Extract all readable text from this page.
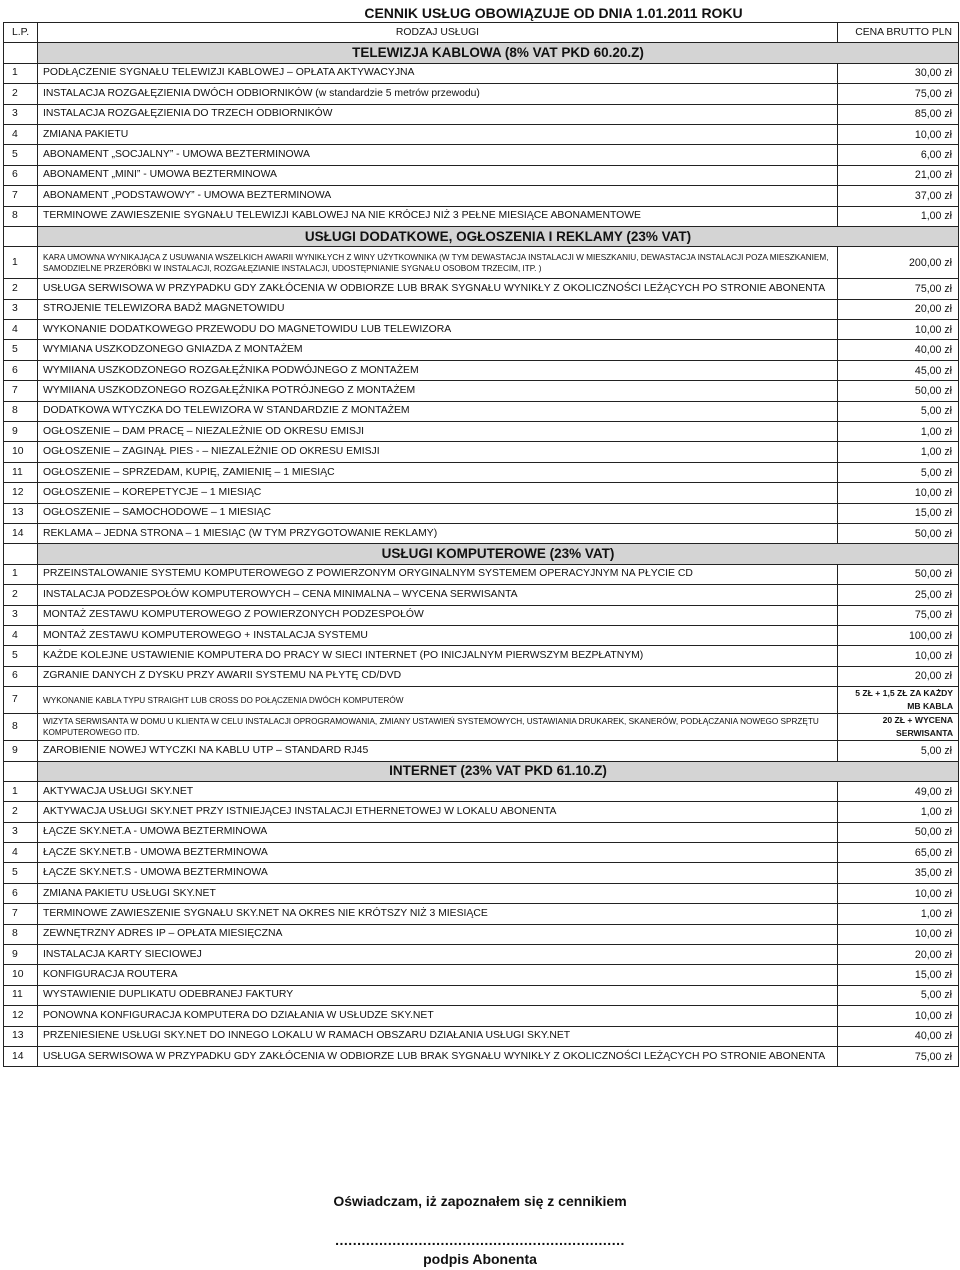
CENNIK USŁUG OBOWIĄZUJE OD DNIA 1.01.2011 ROKU		
L.P.	RODZAJ USŁUGI	CENA BRUTTO PLN
	TELEWIZJA KABLOWA (8% VAT PKD 60.20.Z)	
1	PODŁĄCZENIE SYGNAŁU TELEWIZJI KABLOWEJ – OPŁATA AKTYWACYJNA	30,00 zł
2	INSTALACJA ROZGAŁĘZIENIA DWÓCH ODBIORNIKÓW (w standardzie 5 metrów przewodu)	75,00 zł
3	INSTALACJA ROZGAŁĘZIENIA DO TRZECH ODBIORNIKÓW	85,00 zł
4	ZMIANA PAKIETU	10,00 zł
5	ABONAMENT „SOCJALNY” - UMOWA BEZTERMINOWA	6,00 zł
6	ABONAMENT „MINI” - UMOWA BEZTERMINOWA	21,00 zł
7	ABONAMENT „PODSTAWOWY” - UMOWA BEZTERMINOWA	37,00 zł
8	TERMINOWE ZAWIESZENIE SYGNAŁU TELEWIZJI KABLOWEJ NA NIE KRÓCEJ NIŻ 3 PEŁNE MIESIĄCE ABONAMENTOWE	1,00 zł
	USŁUGI DODATKOWE, OGŁOSZENIA I REKLAMY (23% VAT)	
1	KARA UMOWNA WYNIKAJĄCA Z USUWANIA WSZELKICH AWARII WYNIKŁYCH Z WINY UŻYTKOWNIKA (W TYM DEWASTACJA INSTALACJI W MIESZKANIU, DEWASTACJA INSTALACJI POZA MIESZKANIEM, SAMODZIELNE PRZERÓBKI W INSTALACJI, ROZGAŁĘZIANIE INSTALACJI, UDOSTĘPNIANIE SYGNAŁU OSOBOM TRZECIM, ITP. )	200,00 zł
2	USŁUGA SERWISOWA W PRZYPADKU GDY ZAKŁÓCENIA W ODBIORZE LUB BRAK SYGNAŁU WYNIKŁY Z OKOLICZNOŚCI LEŻĄCYCH PO STRONIE ABONENTA	75,00 zł
3	STROJENIE TELEWIZORA BADŹ MAGNETOWIDU	20,00 zł
4	WYKONANIE DODATKOWEGO PRZEWODU DO MAGNETOWIDU LUB TELEWIZORA	10,00 zł
5	WYMIANA USZKODZONEGO GNIAZDA Z MONTAŻEM	40,00 zł
6	WYMIIANA USZKODZONEGO ROZGAŁĘŹNIKA PODWÓJNEGO Z MONTAŻEM	45,00 zł
7	WYMIIANA USZKODZONEGO ROZGAŁĘŹNIKA POTRÓJNEGO Z MONTAŻEM	50,00 zł
8	DODATKOWA WTYCZKA DO TELEWIZORA W STANDARDZIE Z MONTAŻEM	5,00 zł
9	OGŁOSZENIE – DAM PRACĘ – NIEZALEŻNIE OD OKRESU EMISJI	1,00 zł
10	OGŁOSZENIE – ZAGINĄŁ PIES - – NIEZALEŻNIE OD OKRESU EMISJI	1,00 zł
11	OGŁOSZENIE – SPRZEDAM, KUPIĘ, ZAMIENIĘ – 1 MIESIĄC	5,00 zł
12	OGŁOSZENIE – KOREPETYCJE – 1 MIESIĄC	10,00 zł
13	OGŁOSZENIE – SAMOCHODOWE – 1 MIESIĄC	15,00 zł
14	REKLAMA – JEDNA STRONA – 1 MIESIĄC (W TYM PRZYGOTOWANIE REKLAMY)	50,00 zł
	USŁUGI KOMPUTEROWE (23% VAT)	
1	PRZEINSTALOWANIE SYSTEMU KOMPUTEROWEGO Z POWIERZONYM ORYGINALNYM SYSTEMEM OPERACYJNYM NA PŁYCIE CD	50,00 zł
2	INSTALACJA PODZESPOŁÓW KOMPUTEROWYCH – CENA MINIMALNA – WYCENA SERWISANTA	25,00 zł
3	MONTAŻ ZESTAWU KOMPUTEROWEGO Z POWIERZONYCH PODZESPOŁÓW	75,00 zł
4	MONTAŻ ZESTAWU KOMPUTEROWEGO + INSTALACJA SYSTEMU	100,00 zł
5	KAŻDE KOLEJNE USTAWIENIE KOMPUTERA DO PRACY W SIECI INTERNET (PO INICJALNYM PIERWSZYM BEZPŁATNYM)	10,00 zł
6	ZGRANIE DANYCH Z DYSKU PRZY AWARII SYSTEMU NA PŁYTĘ CD/DVD	20,00 zł
7	WYKONANIE KABLA TYPU STRAIGHT LUB CROSS DO POŁĄCZENIA DWÓCH KOMPUTERÓW	5 ZŁ + 1,5 ZŁ ZA KAŻDY MB KABLA
8	WIZYTA SERWISANTA W DOMU U KLIENTA W CELU INSTALACJI OPROGRAMOWANIA, ZMIANY USTAWIEŃ SYSTEMOWYCH, USTAWIANIA DRUKAREK, SKANERÓW, PODŁĄCZANIA NOWEGO SPRZĘTU KOMPUTEROWEGO ITD.	20 ZŁ + WYCENA SERWISANTA
9	ZAROBIENIE NOWEJ WTYCZKI NA KABLU UTP – STANDARD RJ45	5,00 zł
	INTERNET (23% VAT PKD 61.10.Z)	
1	AKTYWACJA USŁUGI SKY.NET	49,00 zł
2	AKTYWACJA USŁUGI SKY.NET PRZY ISTNIEJĄCEJ INSTALACJI ETHERNETOWEJ W LOKALU ABONENTA	1,00 zł
3	ŁĄCZE SKY.NET.A - UMOWA BEZTERMINOWA	50,00 zł
4	ŁĄCZE SKY.NET.B - UMOWA BEZTERMINOWA	65,00 zł
5	ŁĄCZE SKY.NET.S - UMOWA BEZTERMINOWA	35,00 zł
6	ZMIANA PAKIETU USŁUGI SKY.NET	10,00 zł
7	TERMINOWE ZAWIESZENIE SYGNAŁU SKY.NET NA OKRES NIE KRÓTSZY NIŻ 3 MIESIĄCE	1,00 zł
8	ZEWNĘTRZNY ADRES IP – OPŁATA MIESIĘCZNA	10,00 zł
9	INSTALACJA KARTY SIECIOWEJ	20,00 zł
10	KONFIGURACJA ROUTERA	15,00 zł
11	WYSTAWIENIE DUPLIKATU ODEBRANEJ FAKTURY	5,00 zł
12	PONOWNA KONFIGURACJA KOMPUTERA DO DZIAŁANIA W USŁUDZE SKY.NET	10,00 zł
13	PRZENIESIENE USŁUGI SKY.NET DO INNEGO LOKALU W RAMACH OBSZARU DZIAŁANIA USŁUGI SKY.NET	40,00 zł
14	USŁUGA SERWISOWA W PRZYPADKU GDY ZAKŁÓCENIA W ODBIORZE LUB BRAK SYGNAŁU WYNIKŁY Z OKOLICZNOŚCI LEŻĄCYCH PO STRONIE ABONENTA	75,00 zł
Oświadczam, iż zapoznałem się z cennikiem
..................................................................
podpis Abonenta
